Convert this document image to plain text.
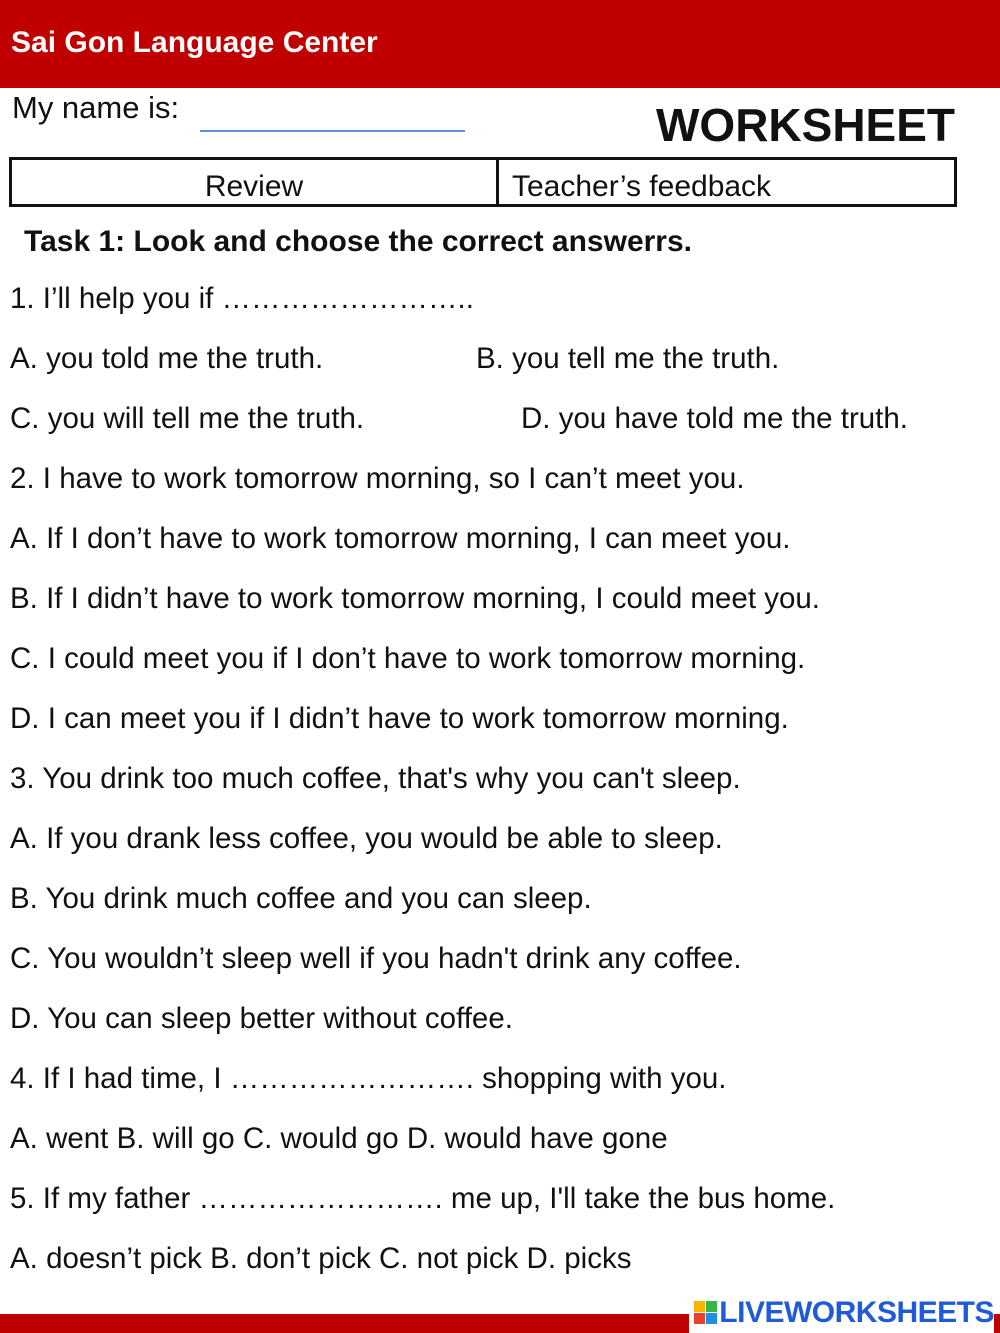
Sai Gon Language Center
My name is:	WORKSHEET
Review	Teacher’s feedback
Task 1: Look and choose the correct answerrs.
1. I’ll help you if ……………………..
A. you told me the truth.	B. you tell me the truth.
C. you will tell me the truth.	D. you have told me the truth.
2. I have to work tomorrow morning, so I can’t meet you.
A. If I don’t have to work tomorrow morning, I can meet you.
B. If I didn’t have to work tomorrow morning, I could meet you.
C. I could meet you if I don’t have to work tomorrow morning.
D. I can meet you if I didn’t have to work tomorrow morning.
3. You drink too much coffee, that's why you can't sleep.
A. If you drank less coffee, you would be able to sleep.
B. You drink much coffee and you can sleep.
C. You wouldn’t sleep well if you hadn't drink any coffee.
D. You can sleep better without coffee.
4. If I had time, I ……………………. shopping with you.
A. went B. will go C. would go D. would have gone
5. If my father ……………………. me up, I'll take the bus home.
A. doesn’t pick B. don’t pick C. not pick D. picks
LIVEWORKSHEETS
